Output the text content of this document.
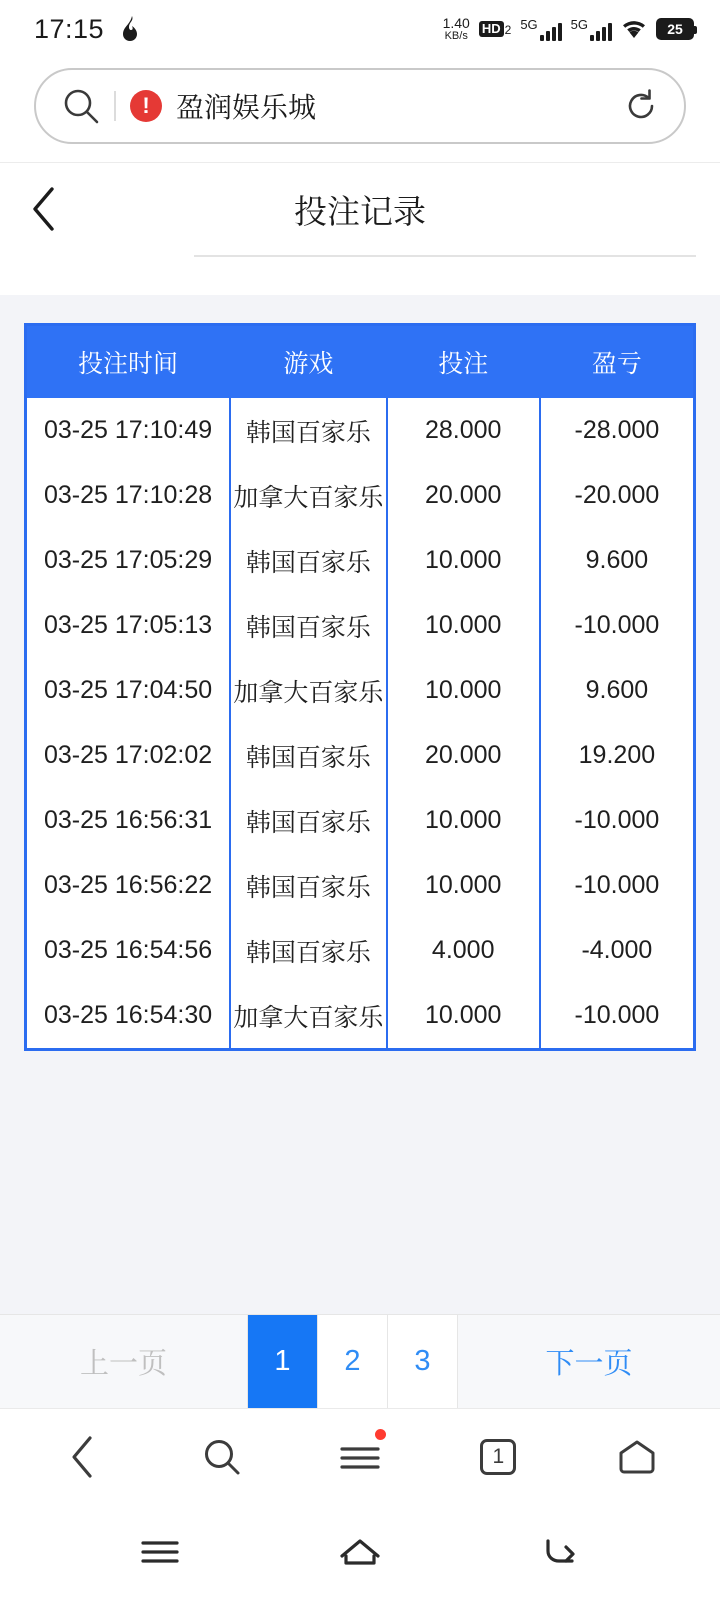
17:15	1.40
KB/s
HD 2 5G	5G	25
! 盈润娱乐城
投注记录
投注时间	游戏	投注	盈亏
03-25 17:10:49	韩国百家乐	28.000	-28.000
03-25 17:10:28	加拿大百家乐	20.000	-20.000
03-25 17:05:29	韩国百家乐	10.000	9.600
03-25 17:05:13	韩国百家乐	10.000	-10.000
03-25 17:04:50	加拿大百家乐	10.000	9.600
03-25 17:02:02	韩国百家乐	20.000	19.200
03-25 16:56:31	韩国百家乐	10.000	-10.000
03-25 16:56:22	韩国百家乐	10.000	-10.000
03-25 16:54:56	韩国百家乐	4.000	-4.000
03-25 16:54:30	加拿大百家乐	10.000	-10.000
上一页	1	2	3	下一页
1
